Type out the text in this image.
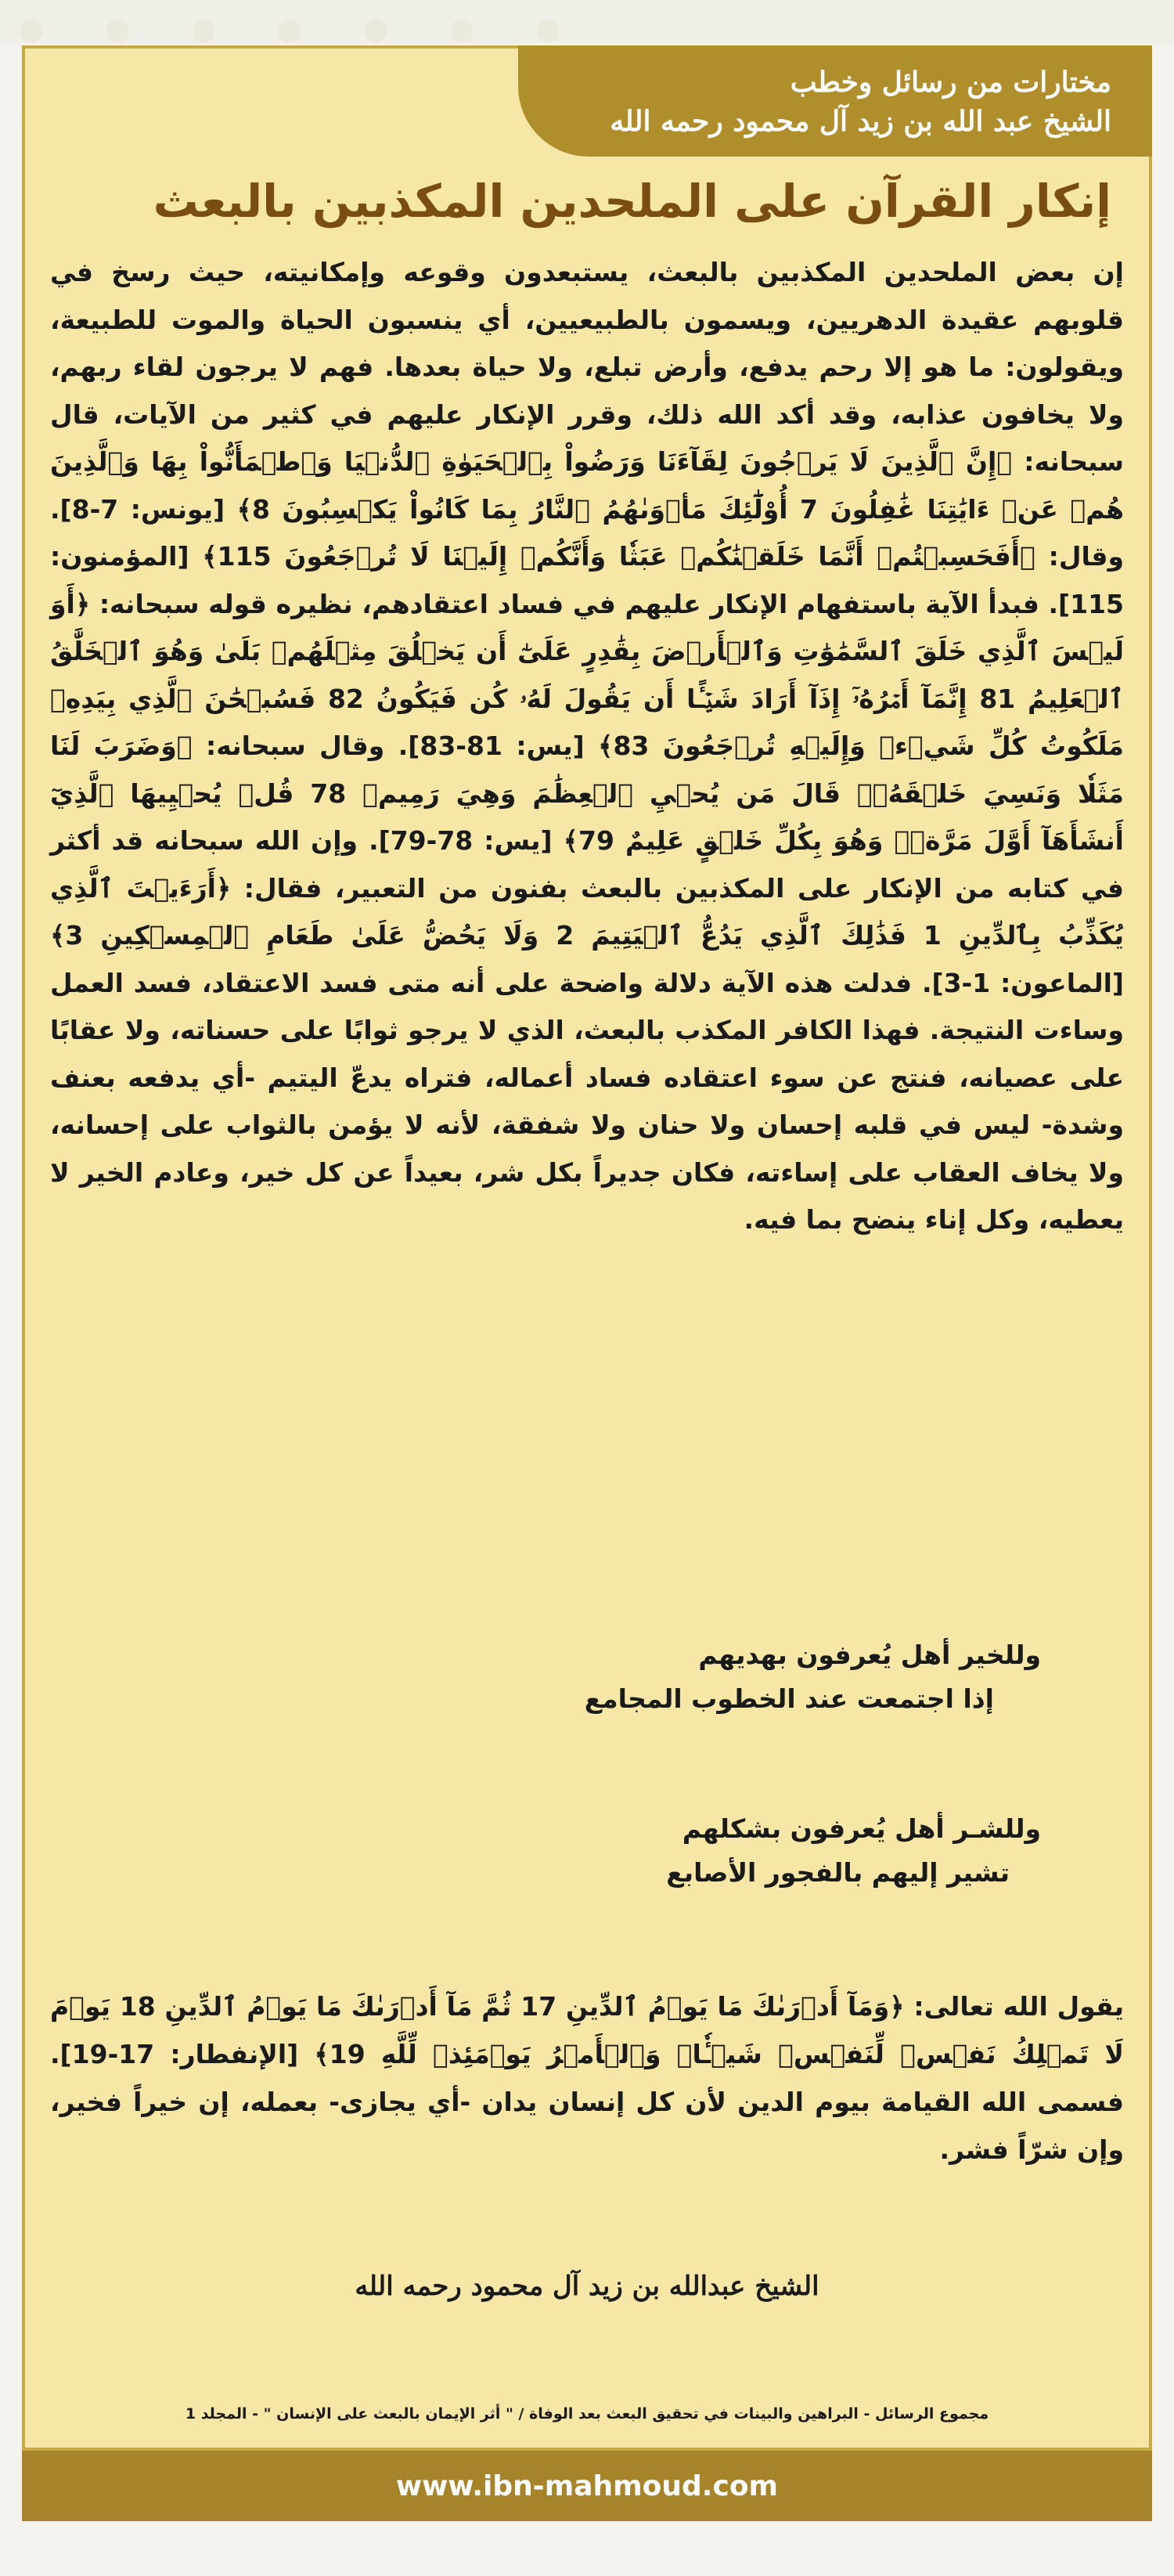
مختارات من رسائل وخطب
الشيخ عبد الله بن زيد آل محمود رحمه الله
إنكار القرآن على الملحدين المكذبين بالبعث
إن بعض الملحدين المكذبين بالبعث، يستبعدون وقوعه وإمكانيته، حيث رسخ في قلوبهم عقيدة الدهريين، ويسمون بالطبيعيين، أي ينسبون الحياة والموت للطبيعة، ويقولون: ما هو إلا رحم يدفع، وأرض تبلع، ولا حياة بعدها. فهم لا يرجون لقاء ربهم، ولا يخافون عذابه، وقد أكد الله ذلك، وقرر الإنكار عليهم في كثير من الآيات، قال سبحانه: ﴿إِنَّ ٱلَّذِينَ لَا يَرۡجُونَ لِقَآءَنَا وَرَضُواْ بِٱلۡحَيَوٰةِ ٱلدُّنۡيَا وَٱطۡمَأَنُّواْ بِهَا وَٱلَّذِينَ هُمۡ عَنۡ ءَايَٰتِنَا غَٰفِلُونَ 7 أُوْلَٰٓئِكَ مَأۡوَىٰهُمُ ٱلنَّارُ بِمَا كَانُواْ يَكۡسِبُونَ 8﴾ [يونس: 7-8]. وقال: ﴿أَفَحَسِبۡتُمۡ أَنَّمَا خَلَقۡنَٰكُمۡ عَبَثٗا وَأَنَّكُمۡ إِلَيۡنَا لَا تُرۡجَعُونَ 115﴾ [المؤمنون: 115]. فبدأ الآية باستفهام الإنكار عليهم في فساد اعتقادهم، نظيره قوله سبحانه: ﴿أَوَ لَيۡسَ ٱلَّذِي خَلَقَ ٱلسَّمَٰوَٰتِ وَٱلۡأَرۡضَ بِقَٰدِرٍ عَلَىٰٓ أَن يَخۡلُقَ مِثۡلَهُمۚ بَلَىٰ وَهُوَ ٱلۡخَلَّٰقُ ٱلۡعَلِيمُ 81 إِنَّمَآ أَمۡرُهُۥٓ إِذَآ أَرَادَ شَيۡـًٔا أَن يَقُولَ لَهُۥ كُن فَيَكُونُ 82 فَسُبۡحَٰنَ ٱلَّذِي بِيَدِهِۦ مَلَكُوتُ كُلِّ شَيۡءٖ وَإِلَيۡهِ تُرۡجَعُونَ 83﴾ [يس: 81-83]. وقال سبحانه: ﴿وَضَرَبَ لَنَا مَثَلٗا وَنَسِيَ خَلۡقَهُۥۖ قَالَ مَن يُحۡيِ ٱلۡعِظَٰمَ وَهِيَ رَمِيمٞ 78 قُلۡ يُحۡيِيهَا ٱلَّذِيٓ أَنشَأَهَآ أَوَّلَ مَرَّةٖۖ وَهُوَ بِكُلِّ خَلۡقٍ عَلِيمٌ 79﴾ [يس: 78-79]. وإن الله سبحانه قد أكثر في كتابه من الإنكار على المكذبين بالبعث بفنون من التعبير، فقال: ﴿أَرَءَيۡتَ ٱلَّذِي يُكَذِّبُ بِٱلدِّينِ 1 فَذَٰلِكَ ٱلَّذِي يَدُعُّ ٱلۡيَتِيمَ 2 وَلَا يَحُضُّ عَلَىٰ طَعَامِ ٱلۡمِسۡكِينِ 3﴾ [الماعون: 1-3]. فدلت هذه الآية دلالة واضحة على أنه متى فسد الاعتقاد، فسد العمل وساءت النتيجة. فهذا الكافر المكذب بالبعث، الذي لا يرجو ثوابًا على حسناته، ولا عقابًا على عصيانه، فنتج عن سوء اعتقاده فساد أعماله، فتراه يدعّ اليتيم -أي يدفعه بعنف وشدة- ليس في قلبه إحسان ولا حنان ولا شفقة، لأنه لا يؤمن بالثواب على إحسانه، ولا يخاف العقاب على إساءته، فكان جديراً بكل شر، بعيداً عن كل خير، وعادم الخير لا يعطيه، وكل إناء ينضح بما فيه.
وللخير أهل يُعرفون بهديهم
إذا اجتمعت عند الخطوب المجامع
وللشـر أهل يُعرفون بشكلهم
تشير إليهم بالفجور الأصابع
يقول الله تعالى: ﴿وَمَآ أَدۡرَىٰكَ مَا يَوۡمُ ٱلدِّينِ 17 ثُمَّ مَآ أَدۡرَىٰكَ مَا يَوۡمُ ٱلدِّينِ 18 يَوۡمَ لَا تَمۡلِكُ نَفۡسٞ لِّنَفۡسٖ شَيۡـٔٗاۖ وَٱلۡأَمۡرُ يَوۡمَئِذٖ لِّلَّهِ 19﴾ [الإنفطار: 17-19]. فسمى الله القيامة بيوم الدين لأن كل إنسان يدان -أي يجازى- بعمله، إن خيراً فخير، وإن شرّاً فشر.
الشيخ عبدالله بن زيد آل محمود رحمه الله
مجموع الرسائل - البراهين والبينات في تحقيق البعث بعد الوفاة / " أثر الإيمان بالبعث على الإنسان " - المجلد 1
www.ibn-mahmoud.com
